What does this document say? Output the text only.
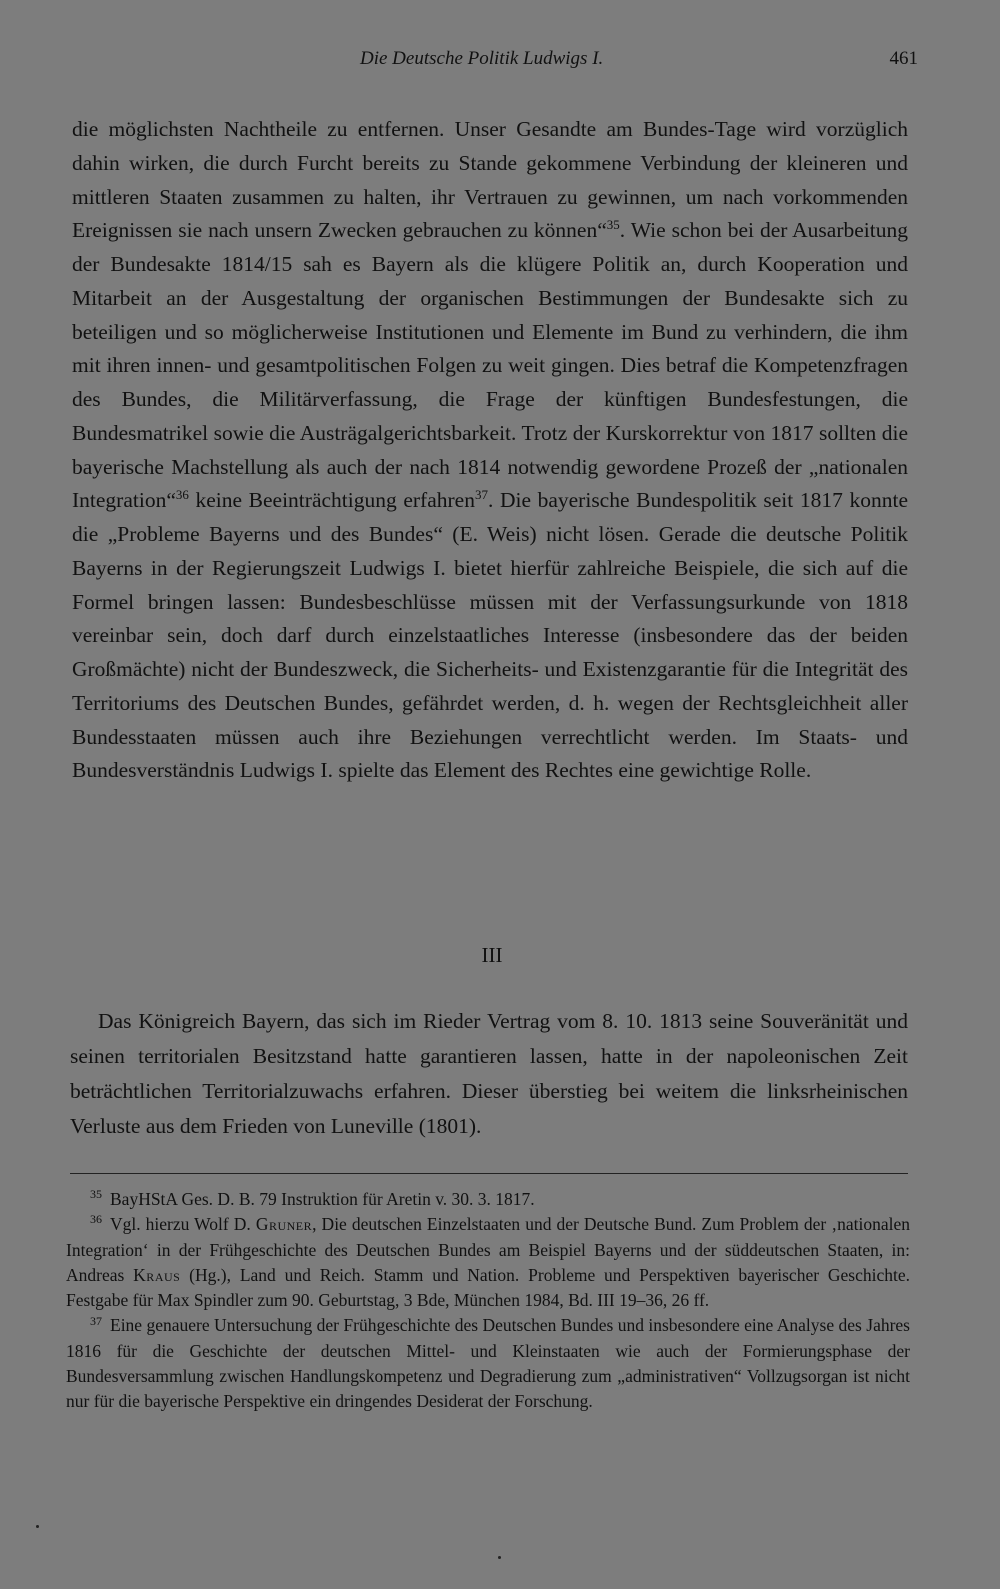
Die Deutsche Politik Ludwigs I.	461

die möglichsten Nachtheile zu entfernen. Unser Gesandte am Bundes-Tage wird vorzüglich dahin wirken, die durch Furcht bereits zu Stande gekommene Verbindung der kleineren und mittleren Staaten zusammen zu halten, ihr Vertrauen zu gewinnen, um nach vorkommenden Ereignissen sie nach unsern Zwecken gebrauchen zu können“$^{35}$. Wie schon bei der Ausarbeitung der Bundesakte 1814/15 sah es Bayern als die klügere Politik an, durch Kooperation und Mitarbeit an der Ausgestaltung der organischen Bestimmungen der Bundesakte sich zu beteiligen und so möglicherweise Institutionen und Elemente im Bund zu verhindern, die ihm mit ihren innen- und gesamtpolitischen Folgen zu weit gingen. Dies betraf die Kompetenzfragen des Bundes, die Militärverfassung, die Frage der künftigen Bundesfestungen, die Bundesmatrikel sowie die Austrägalgerichtsbarkeit. Trotz der Kurskorrektur von 1817 sollten die bayerische Machstellung als auch der nach 1814 notwendig gewordene Prozeß der „nationalen Integration“$^{36}$ keine Beeinträchtigung erfahren$^{37}$. Die bayerische Bundespolitik seit 1817 konnte die „Probleme Bayerns und des Bundes“ (E. Weis) nicht lösen. Gerade die deutsche Politik Bayerns in der Regierungszeit Ludwigs I. bietet hierfür zahlreiche Beispiele, die sich auf die Formel bringen lassen: Bundesbeschlüsse müssen mit der Verfassungsurkunde von 1818 vereinbar sein, doch darf durch einzelstaatliches Interesse (insbesondere das der beiden Großmächte) nicht der Bundeszweck, die Sicherheits- und Existenzgarantie für die Integrität des Territoriums des Deutschen Bundes, gefährdet werden, d. h. wegen der Rechtsgleichheit aller Bundesstaaten müssen auch ihre Beziehungen verrechtlicht werden. Im Staats- und Bundesverständnis Ludwigs I. spielte das Element des Rechtes eine gewichtige Rolle.

III

Das Königreich Bayern, das sich im Rieder Vertrag vom 8. 10. 1813 seine Souveränität und seinen territorialen Besitzstand hatte garantieren lassen, hatte in der napoleonischen Zeit beträchtlichen Territorialzuwachs erfahren. Dieser überstieg bei weitem die linksrheinischen Verluste aus dem Frieden von Luneville (1801).

$^{35}$ BayHStA Ges. D. B. 79 Instruktion für Aretin v. 30. 3. 1817.

$^{36}$ Vgl. hierzu Wolf D. Gruner, Die deutschen Einzelstaaten und der Deutsche Bund. Zum Problem der ‚nationalen Integration‘ in der Frühgeschichte des Deutschen Bundes am Beispiel Bayerns und der süddeutschen Staaten, in: Andreas Kraus (Hg.), Land und Reich. Stamm und Nation. Probleme und Perspektiven bayerischer Geschichte. Festgabe für Max Spindler zum 90. Geburtstag, 3 Bde, München 1984, Bd. III 19–36, 26 ff.

$^{37}$ Eine genauere Untersuchung der Frühgeschichte des Deutschen Bundes und insbesondere eine Analyse des Jahres 1816 für die Geschichte der deutschen Mittel- und Kleinstaaten wie auch der Formierungsphase der Bundesversammlung zwischen Handlungskompetenz und Degradierung zum „administrativen“ Vollzugsorgan ist nicht nur für die bayerische Perspektive ein dringendes Desiderat der Forschung.
